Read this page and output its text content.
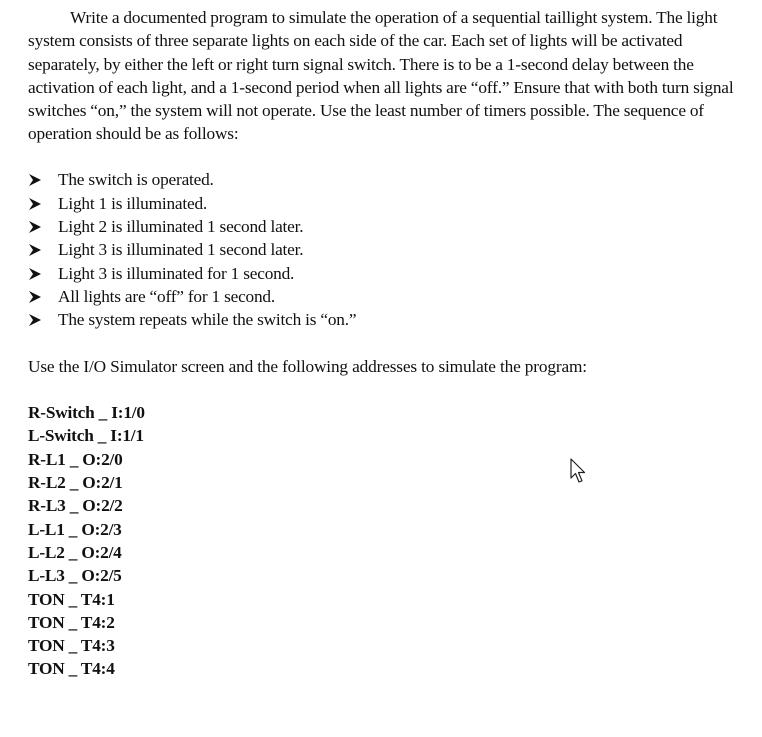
Write a documented program to simulate the operation of a sequential taillight system. The light system consists of three separate lights on each side of the car. Each set of lights will be activated separately, by either the left or right turn signal switch. There is to be a 1-second delay between the activation of each light, and a 1-second period when all lights are “off.” Ensure that with both turn signal switches “on,” the system will not operate. Use the least number of timers possible. The sequence of operation should be as follows:

The switch is operated.
Light 1 is illuminated.
Light 2 is illuminated 1 second later.
Light 3 is illuminated 1 second later.
Light 3 is illuminated for 1 second.
All lights are “off” for 1 second.
The system repeats while the switch is “on.”

Use the I/O Simulator screen and the following addresses to simulate the program:

R-Switch _ I:1/0
L-Switch _ I:1/1
R-L1 _ O:2/0
R-L2 _ O:2/1
R-L3 _ O:2/2
L-L1 _ O:2/3
L-L2 _ O:2/4
L-L3 _ O:2/5
TON _ T4:1
TON _ T4:2
TON _ T4:3
TON _ T4:4
